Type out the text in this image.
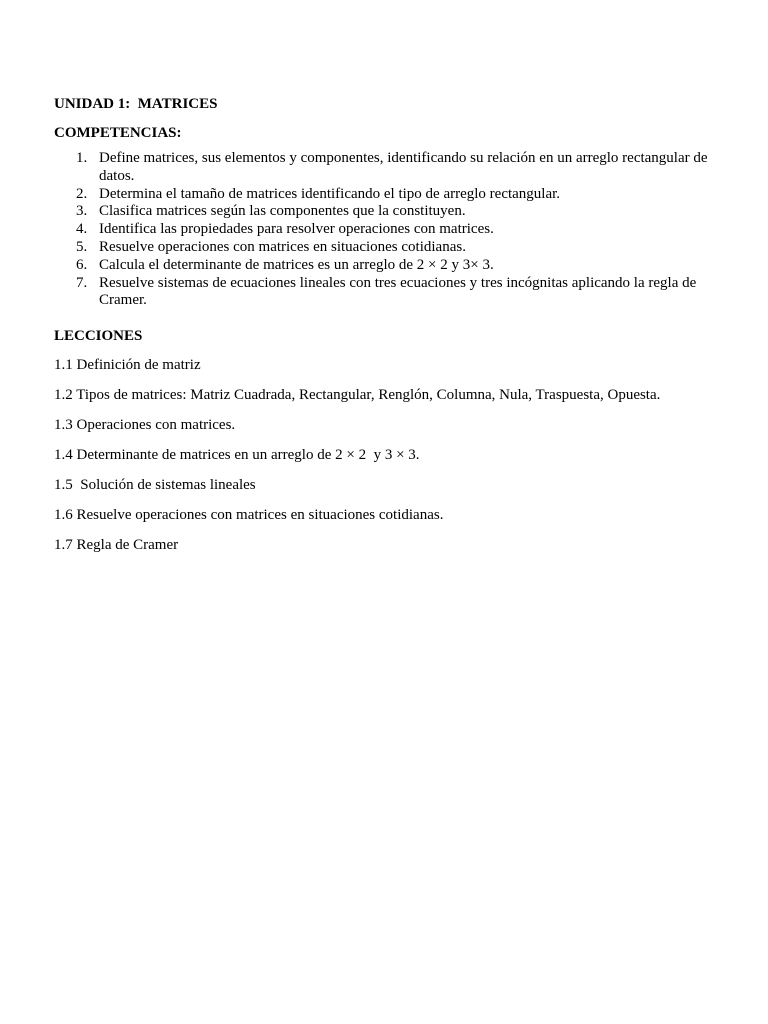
UNIDAD 1:  MATRICES

COMPETENCIAS:

1. Define matrices, sus elementos y componentes, identificando su relación en un arreglo rectangular de datos.
2. Determina el tamaño de matrices identificando el tipo de arreglo rectangular.
3. Clasifica matrices según las componentes que la constituyen.
4. Identifica las propiedades para resolver operaciones con matrices.
5. Resuelve operaciones con matrices en situaciones cotidianas.
6. Calcula el determinante de matrices es un arreglo de 2 × 2 y 3× 3.
7. Resuelve sistemas de ecuaciones lineales con tres ecuaciones y tres incógnitas aplicando la regla de Cramer.

LECCIONES

1.1 Definición de matriz

1.2 Tipos de matrices: Matriz Cuadrada, Rectangular, Renglón, Columna, Nula, Traspuesta, Opuesta.

1.3 Operaciones con matrices.

1.4 Determinante de matrices en un arreglo de 2 × 2  y 3 × 3.

1.5  Solución de sistemas lineales

1.6 Resuelve operaciones con matrices en situaciones cotidianas.

1.7 Regla de Cramer
